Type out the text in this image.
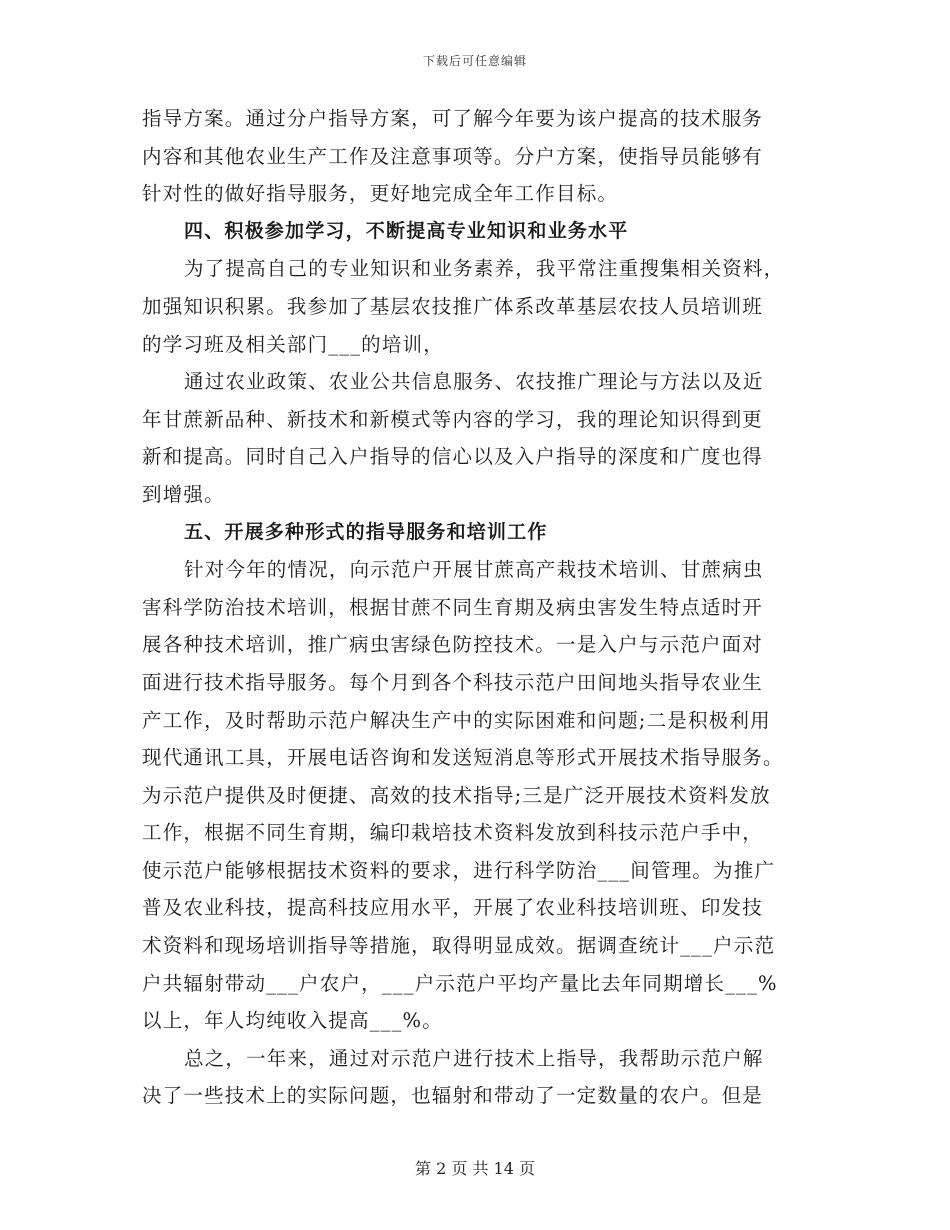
下载后可任意编辑
指导方案。通过分户指导方案，可了解今年要为该户提高的技术服务
内容和其他农业生产工作及注意事项等。分户方案，使指导员能够有
针对性的做好指导服务，更好地完成全年工作目标。
四、积极参加学习，不断提高专业知识和业务水平
为了提高自己的专业知识和业务素养，我平常注重搜集相关资料，
加强知识积累。我参加了基层农技推广体系改革基层农技人员培训班
的学习班及相关部门___的培训，
通过农业政策、农业公共信息服务、农技推广理论与方法以及近
年甘蔗新品种、新技术和新模式等内容的学习，我的理论知识得到更
新和提高。同时自己入户指导的信心以及入户指导的深度和广度也得
到增强。
五、开展多种形式的指导服务和培训工作
针对今年的情况，向示范户开展甘蔗高产栽技术培训、甘蔗病虫
害科学防治技术培训，根据甘蔗不同生育期及病虫害发生特点适时开
展各种技术培训，推广病虫害绿色防控技术。一是入户与示范户面对
面进行技术指导服务。每个月到各个科技示范户田间地头指导农业生
产工作，及时帮助示范户解决生产中的实际困难和问题;二是积极利用
现代通讯工具，开展电话咨询和发送短消息等形式开展技术指导服务。
为示范户提供及时便捷、高效的技术指导;三是广泛开展技术资料发放
工作，根据不同生育期，编印栽培技术资料发放到科技示范户手中，
使示范户能够根据技术资料的要求，进行科学防治___间管理。为推广
普及农业科技，提高科技应用水平，开展了农业科技培训班、印发技
术资料和现场培训指导等措施，取得明显成效。据调查统计___户示范
户共辐射带动___户农户，___户示范户平均产量比去年同期增长___%
以上，年人均纯收入提高___%。
总之，一年来，通过对示范户进行技术上指导，我帮助示范户解
决了一些技术上的实际问题，也辐射和带动了一定数量的农户。但是
第 2 页 共 14 页
